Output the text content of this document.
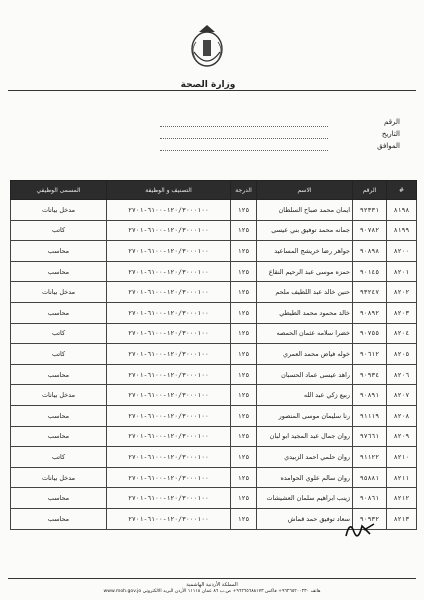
وزارة الصحة
الرقم
التاريخ
الموافق
#	الرقم	الاسم	الدرجة	التصنيف و الوظيفة	المسمى الوظيفي
٨١٩٨	٩٢٣٣١	ايمان محمد صباح السلطان	١٢٥	١٢٠/٣٠٠٠١٠٠-٦١٠٠-٢٧٠١	مدخل بيانات
٨١٩٩	٩٠٧٨٢	جمانه محمد توفيق بني عيسى	١٢٥	١٢٠/٣٠٠٠١٠٠-٦١٠٠-٢٧٠١	كاتب
٨٢٠٠	٩٠٨٩٨	جواهر رضا خريشج المساعيد	١٢٥	١٢٠/٣٠٠٠١٠٠-٦١٠٠-٢٧٠١	محاسب
٨٢٠١	٩٠١٤٥	حمزه موسى عبد الرحيم النقاع	١٢٥	١٢٠/٣٠٠٠١٠٠-٦١٠٠-٢٧٠١	محاسب
٨٢٠٢	٩٣٢٤٧	حنين خالد عبد اللطيف ملحم	١٢٥	١٢٠/٣٠٠٠١٠٠-٦١٠٠-٢٧٠١	مدخل بيانات
٨٢٠٣	٩٠٨٩٢	خالد محمود محمد الطيطي	١٢٥	١٢٠/٣٠٠٠١٠٠-٦١٠٠-٢٧٠١	محاسب
٨٢٠٤	٩٠٧٥٥	خضرا سلامه عثمان الحمصه	١٢٥	١٢٠/٣٠٠٠١٠٠-٦١٠٠-٢٧٠١	كاتب
٨٢٠٥	٩٠٦١٢	خوله فياض محمد العمري	١٢٥	١٢٠/٣٠٠٠١٠٠-٦١٠٠-٢٧٠١	كاتب
٨٢٠٦	٩٠٩٣٤	راهد عيسى عماد الحسبان	١٢٥	١٢٠/٣٠٠٠١٠٠-٦١٠٠-٢٧٠١	محاسب
٨٢٠٧	٩٠٨٩١	ربيع زكي عبد الله	١٢٥	١٢٠/٣٠٠٠١٠٠-٦١٠٠-٢٧٠١	مدخل بيانات
٨٢٠٨	٩١١١٩	رنا سليمان موسى المنصور	١٢٥	١٢٠/٣٠٠٠١٠٠-٦١٠٠-٢٧٠١	محاسب
٨٢٠٩	٩٧٦٦١	روان جمال عبد المجيد ابو لبان	١٢٥	١٢٠/٣٠٠٠١٠٠-٦١٠٠-٢٧٠١	محاسب
٨٢١٠	٩١١٢٢	روان حلمي احمد الزبيدي	١٢٥	١٢٠/٣٠٠٠١٠٠-٦١٠٠-٢٧٠١	كاتب
٨٢١١	٩٥٨٨١	روان سالم علوي الحوامده	١٢٥	١٢٠/٣٠٠٠١٠٠-٦١٠٠-٢٧٠١	مدخل بيانات
٨٢١٢	٩٠٨٦١	زينب ابراهيم سلمان العشيشات	١٢٥	١٢٠/٣٠٠٠١٠٠-٦١٠٠-٢٧٠١	محاسب
٨٢١٣	٩٠٩٣٢	سعاد توفيق حمد قماش	١٢٥	١٢٠/٣٠٠٠١٠٠-٦١٠٠-٢٧٠١	محاسب
المملكة الأردنية الهاشمية
هاتف ٩٦٢٦٥٢٠٠٢٣٠+ فاكس ٩٦٢٦٥٦٨٨١٧٣+ ص.ب ٨٦ عمان ١١١١٨ الأردن البريد الالكتروني www.moh.gov.jo
